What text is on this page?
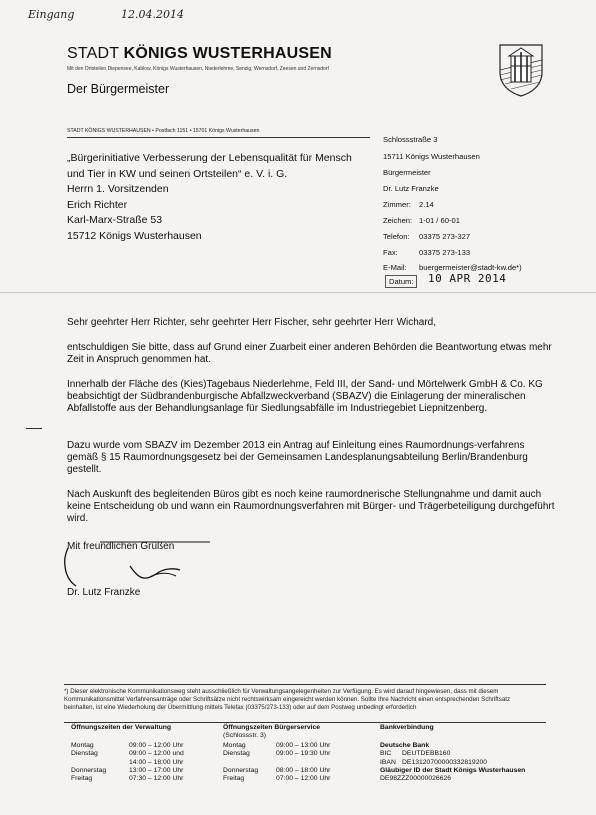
Eingang	12.04.2014
STADT KÖNIGS WUSTERHAUSEN
Mit den Ortsteilen Diepensee, Kablow, Königs Wusterhausen, Niederlehme, Senzig, Wernsdorf, Zeesen und Zernsdorf
Der Bürgermeister
STADT KÖNIGS WUSTERHAUSEN • Postfach 1151 • 15701 Königs Wusterhausen
„Bürgerinitiative Verbesserung der Lebensqualität für Mensch
und Tier in KW und seinen Ortsteilen“ e. V. i. G.
Herrn 1. Vorsitzenden
Erich Richter
Karl-Marx-Straße 53
15712 Königs Wusterhausen
Schlossstraße 3
15711 Königs Wusterhausen
Bürgermeister
Dr. Lutz Franzke
Zimmer: 2.14
Zeichen: 1-01 / 60-01
Telefon: 03375 273-327
Fax:	03375 273-133
E-Mail: buergermeister@stadt-kw.de*)
Datum:	10 APR 2014
Sehr geehrter Herr Richter, sehr geehrter Herr Fischer, sehr geehrter Herr Wichard,
entschuldigen Sie bitte, dass auf Grund einer Zuarbeit einer anderen Behörden die Beantwortung etwas mehr Zeit in Anspruch genommen hat.
Innerhalb der Fläche des (Kies)Tagebaus Niederlehme, Feld III, der Sand- und Mörtelwerk GmbH & Co. KG beabsichtigt der Südbrandenburgische Abfallzweckverband (SBAZV) die Einlagerung der mineralischen Abfallstoffe aus der Behandlungsanlage für Siedlungsabfälle im Industriegebiet Liepnitzenberg.
Dazu wurde vom SBAZV im Dezember 2013 ein Antrag auf Einleitung eines Raumordnungs-verfahrens gemäß § 15 Raumordnungsgesetz bei der Gemeinsamen Landesplanungsabteilung Berlin/Brandenburg gestellt.
Nach Auskunft des begleitenden Büros gibt es noch keine raumordnerische Stellungnahme und damit auch keine Entscheidung ob und wann ein Raumordnungsverfahren mit Bürger- und Trägerbeteiligung durchgeführt wird.
Mit freundlichen Grüßen
Dr. Lutz Franzke
*) Dieser elektronische Kommunikationsweg steht ausschließlich für Verwaltungsangelegenheiten zur Verfügung. Es wird darauf hingewiesen, dass mit diesem Kommunikationsmittel Verfahrensanträge oder Schriftsätze nicht rechtswirksam eingereicht werden können. Sollte Ihre Nachricht einen entsprechenden Schriftsatz beinhalten, ist eine Wiederholung der Übermittlung mittels Telefax (03375/273-133) oder auf dem Postweg unbedingt erforderlich
Öffnungszeiten der Verwaltung	Öffnungszeiten Bürgerservice
(Schlossstr. 3)
Bankverbindung
Montag	09:00 – 12:00 Uhr
Dienstag	09:00 – 12:00 und
14:00 – 18:00 Uhr
Donnerstag	13:00 – 17:00 Uhr
Freitag	07:30 – 12:00 Uhr
Montag	09:00 – 13:00 Uhr
Dienstag	09:00 – 19:30 Uhr
Donnerstag	08:00 – 18:00 Uhr
Freitag	07:00 – 12:00 Uhr
Deutsche Bank
BIC DEUTDEBB160
IBAN DE13120700000332819200
Gläubiger ID der Stadt Königs Wusterhausen
DE98ZZZ00000026626
